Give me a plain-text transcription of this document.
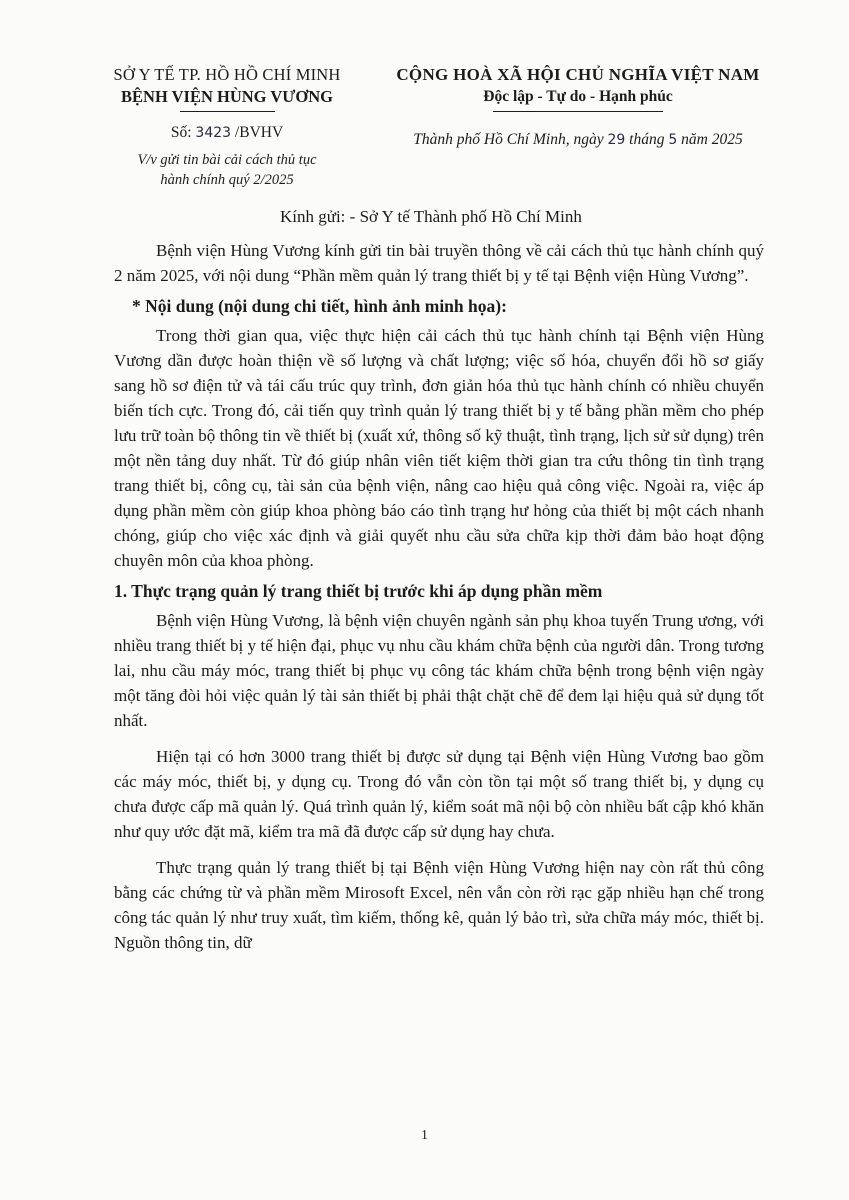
SỞ Y TẾ TP. HỒ HỒ CHÍ MINH
BỆNH VIỆN HÙNG VƯƠNG
CỘNG HOÀ XÃ HỘI CHỦ NGHĨA VIỆT NAM
Độc lập - Tự do - Hạnh phúc
Số: 3423 /BVHV
V/v gửi tin bài cải cách thủ tục
hành chính quý 2/2025
Thành phố Hồ Chí Minh, ngày 29 tháng 5 năm 2025
Kính gửi: - Sở Y tế Thành phố Hồ Chí Minh

Bệnh viện Hùng Vương kính gửi tin bài truyền thông về cải cách thủ tục hành chính quý 2 năm 2025, với nội dung “Phần mềm quản lý trang thiết bị y tế tại Bệnh viện Hùng Vương”.

* Nội dung (nội dung chi tiết, hình ảnh minh họa):

Trong thời gian qua, việc thực hiện cải cách thủ tục hành chính tại Bệnh viện Hùng Vương dần được hoàn thiện về số lượng và chất lượng; việc số hóa, chuyển đổi hồ sơ giấy sang hồ sơ điện tử và tái cấu trúc quy trình, đơn giản hóa thủ tục hành chính có nhiều chuyển biến tích cực. Trong đó, cải tiến quy trình quản lý trang thiết bị y tế bằng phần mềm cho phép lưu trữ toàn bộ thông tin về thiết bị (xuất xứ, thông số kỹ thuật, tình trạng, lịch sử sử dụng) trên một nền tảng duy nhất. Từ đó giúp nhân viên tiết kiệm thời gian tra cứu thông tin tình trạng trang thiết bị, công cụ, tài sản của bệnh viện, nâng cao hiệu quả công việc. Ngoài ra, việc áp dụng phần mềm còn giúp khoa phòng báo cáo tình trạng hư hỏng của thiết bị một cách nhanh chóng, giúp cho việc xác định và giải quyết nhu cầu sửa chữa kịp thời đảm bảo hoạt động chuyên môn của khoa phòng.

1. Thực trạng quản lý trang thiết bị trước khi áp dụng phần mềm

Bệnh viện Hùng Vương, là bệnh viện chuyên ngành sản phụ khoa tuyến Trung ương, với nhiều trang thiết bị y tế hiện đại, phục vụ nhu cầu khám chữa bệnh của người dân. Trong tương lai, nhu cầu máy móc, trang thiết bị phục vụ công tác khám chữa bệnh trong bệnh viện ngày một tăng đòi hỏi việc quản lý tài sản thiết bị phải thật chặt chẽ để đem lại hiệu quả sử dụng tốt nhất.

Hiện tại có hơn 3000 trang thiết bị được sử dụng tại Bệnh viện Hùng Vương bao gồm các máy móc, thiết bị, y dụng cụ. Trong đó vẫn còn tồn tại một số trang thiết bị, y dụng cụ chưa được cấp mã quản lý. Quá trình quản lý, kiểm soát mã nội bộ còn nhiều bất cập khó khăn như quy ước đặt mã, kiểm tra mã đã được cấp sử dụng hay chưa.

Thực trạng quản lý trang thiết bị tại Bệnh viện Hùng Vương hiện nay còn rất thủ công bằng các chứng từ và phần mềm Mirosoft Excel, nên vẫn còn rời rạc gặp nhiều hạn chế trong công tác quản lý như truy xuất, tìm kiếm, thống kê, quản lý bảo trì, sửa chữa máy móc, thiết bị. Nguồn thông tin, dữ

1
